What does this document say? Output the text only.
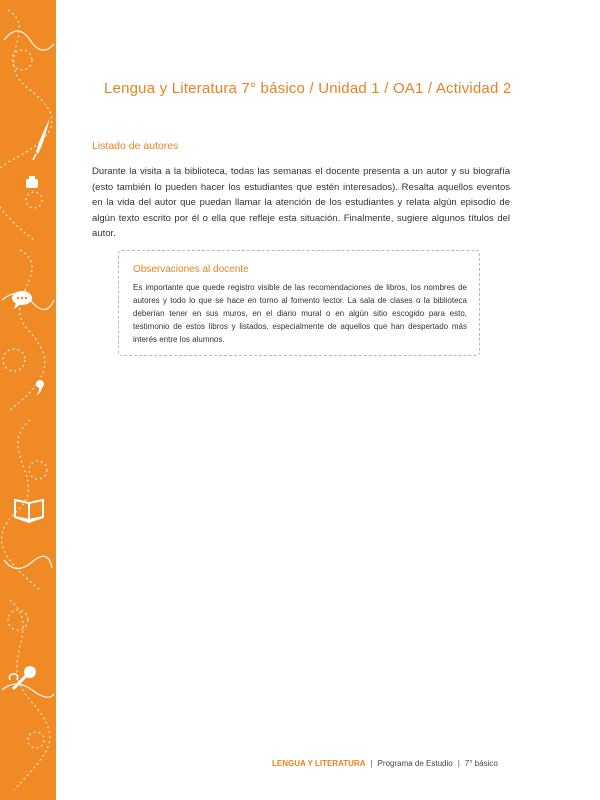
Lengua y Literatura 7° básico / Unidad 1 / OA1 / Actividad 2
Listado de autores

Durante la visita a la biblioteca, todas las semanas el docente presenta a un autor y su biografía (esto también lo pueden hacer los estudiantes que estén interesados). Resalta aquellos eventos en la vida del autor que puedan llamar la atención de los estudiantes y relata algún episodio de algún texto escrito por él o ella que refleje esta situación. Finalmente, sugiere algunos títulos del autor.

Observaciones al docente
Es importante que quede registro visible de las recomendaciones de libros, los nombres de autores y todo lo que se hace en torno al fomento lector. La sala de clases o la biblioteca deberían tener en sus muros, en el diario mural o en algún sitio escogido para esto, testimonio de estos libros y listados, especialmente de aquellos que han despertado más interés entre los alumnos.
LENGUA Y LITERATURA | Programa de Estudio | 7° básico
